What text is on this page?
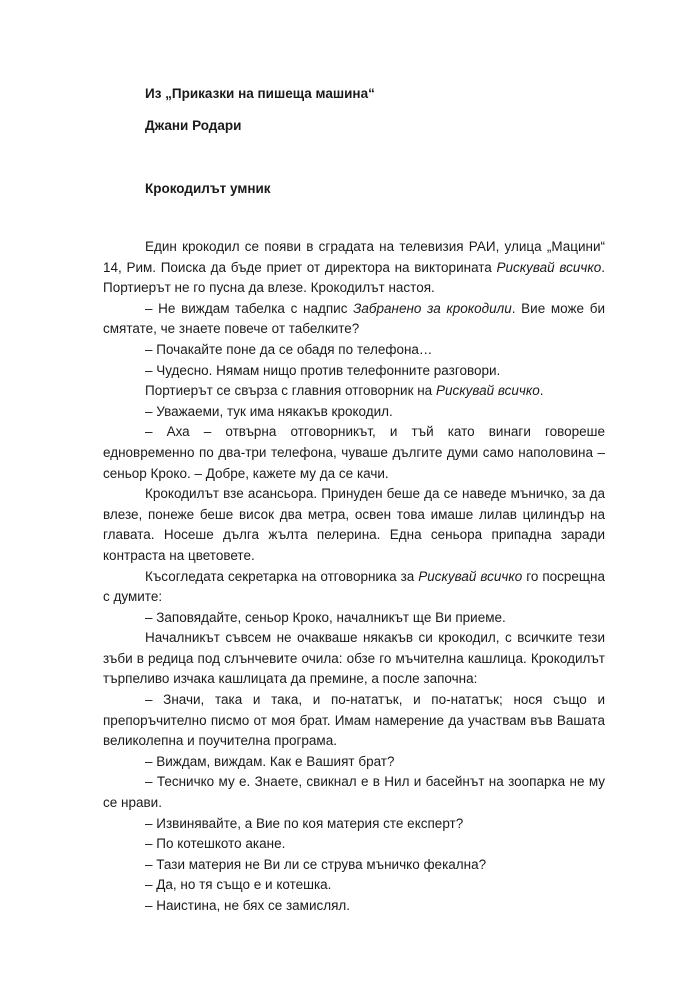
Из „Приказки на пишеща машина“
Джани Родари
Крокодилът умник

Един крокодил се появи в сградата на телевизия РАИ, улица „Мацини“ 14, Рим. Поиска да бъде приет от директора на викторината Рискувай всичко. Портиерът не го пусна да влезе. Крокодилът настоя.

– Не виждам табелка с надпис Забранено за крокодили. Вие може би смятате, че знаете повече от табелките?

– Почакайте поне да се обадя по телефона…

– Чудесно. Нямам нищо против телефонните разговори.

Портиерът се свърза с главния отговорник на Рискувай всичко.

– Уважаеми, тук има някакъв крокодил.

– Аха – отвърна отговорникът, и тъй като винаги говореше едновременно по два-три телефона, чуваше дългите думи само наполовина – сеньор Кроко. – Добре, кажете му да се качи.

Крокодилът взе асансьора. Принуден беше да се наведе мъничко, за да влезе, понеже беше висок два метра, освен това имаше лилав цилиндър на главата. Носеше дълга жълта пелерина. Една сеньора припадна заради контраста на цветовете.

Късогледата секретарка на отговорника за Рискувай всичко го посрещна с думите:

– Заповядайте, сеньор Кроко, началникът ще Ви приеме.

Началникът съвсем не очакваше някакъв си крокодил, с всичките тези зъби в редица под слънчевите очила: обзе го мъчителна кашлица. Крокодилът търпеливо изчака кашлицата да премине, а после започна:

– Значи, така и така, и по-нататък, и по-нататък; нося също и препоръчително писмо от моя брат. Имам намерение да участвам във Вашата великолепна и поучителна програма.

– Виждам, виждам. Как е Вашият брат?

– Тесничко му е. Знаете, свикнал е в Нил и басейнът на зоопарка не му се нрави.

– Извинявайте, а Вие по коя материя сте експерт?

– По котешкото акане.

– Тази материя не Ви ли се струва мъничко фекална?

– Да, но тя също е и котешка.

– Наистина, не бях се замислял.
